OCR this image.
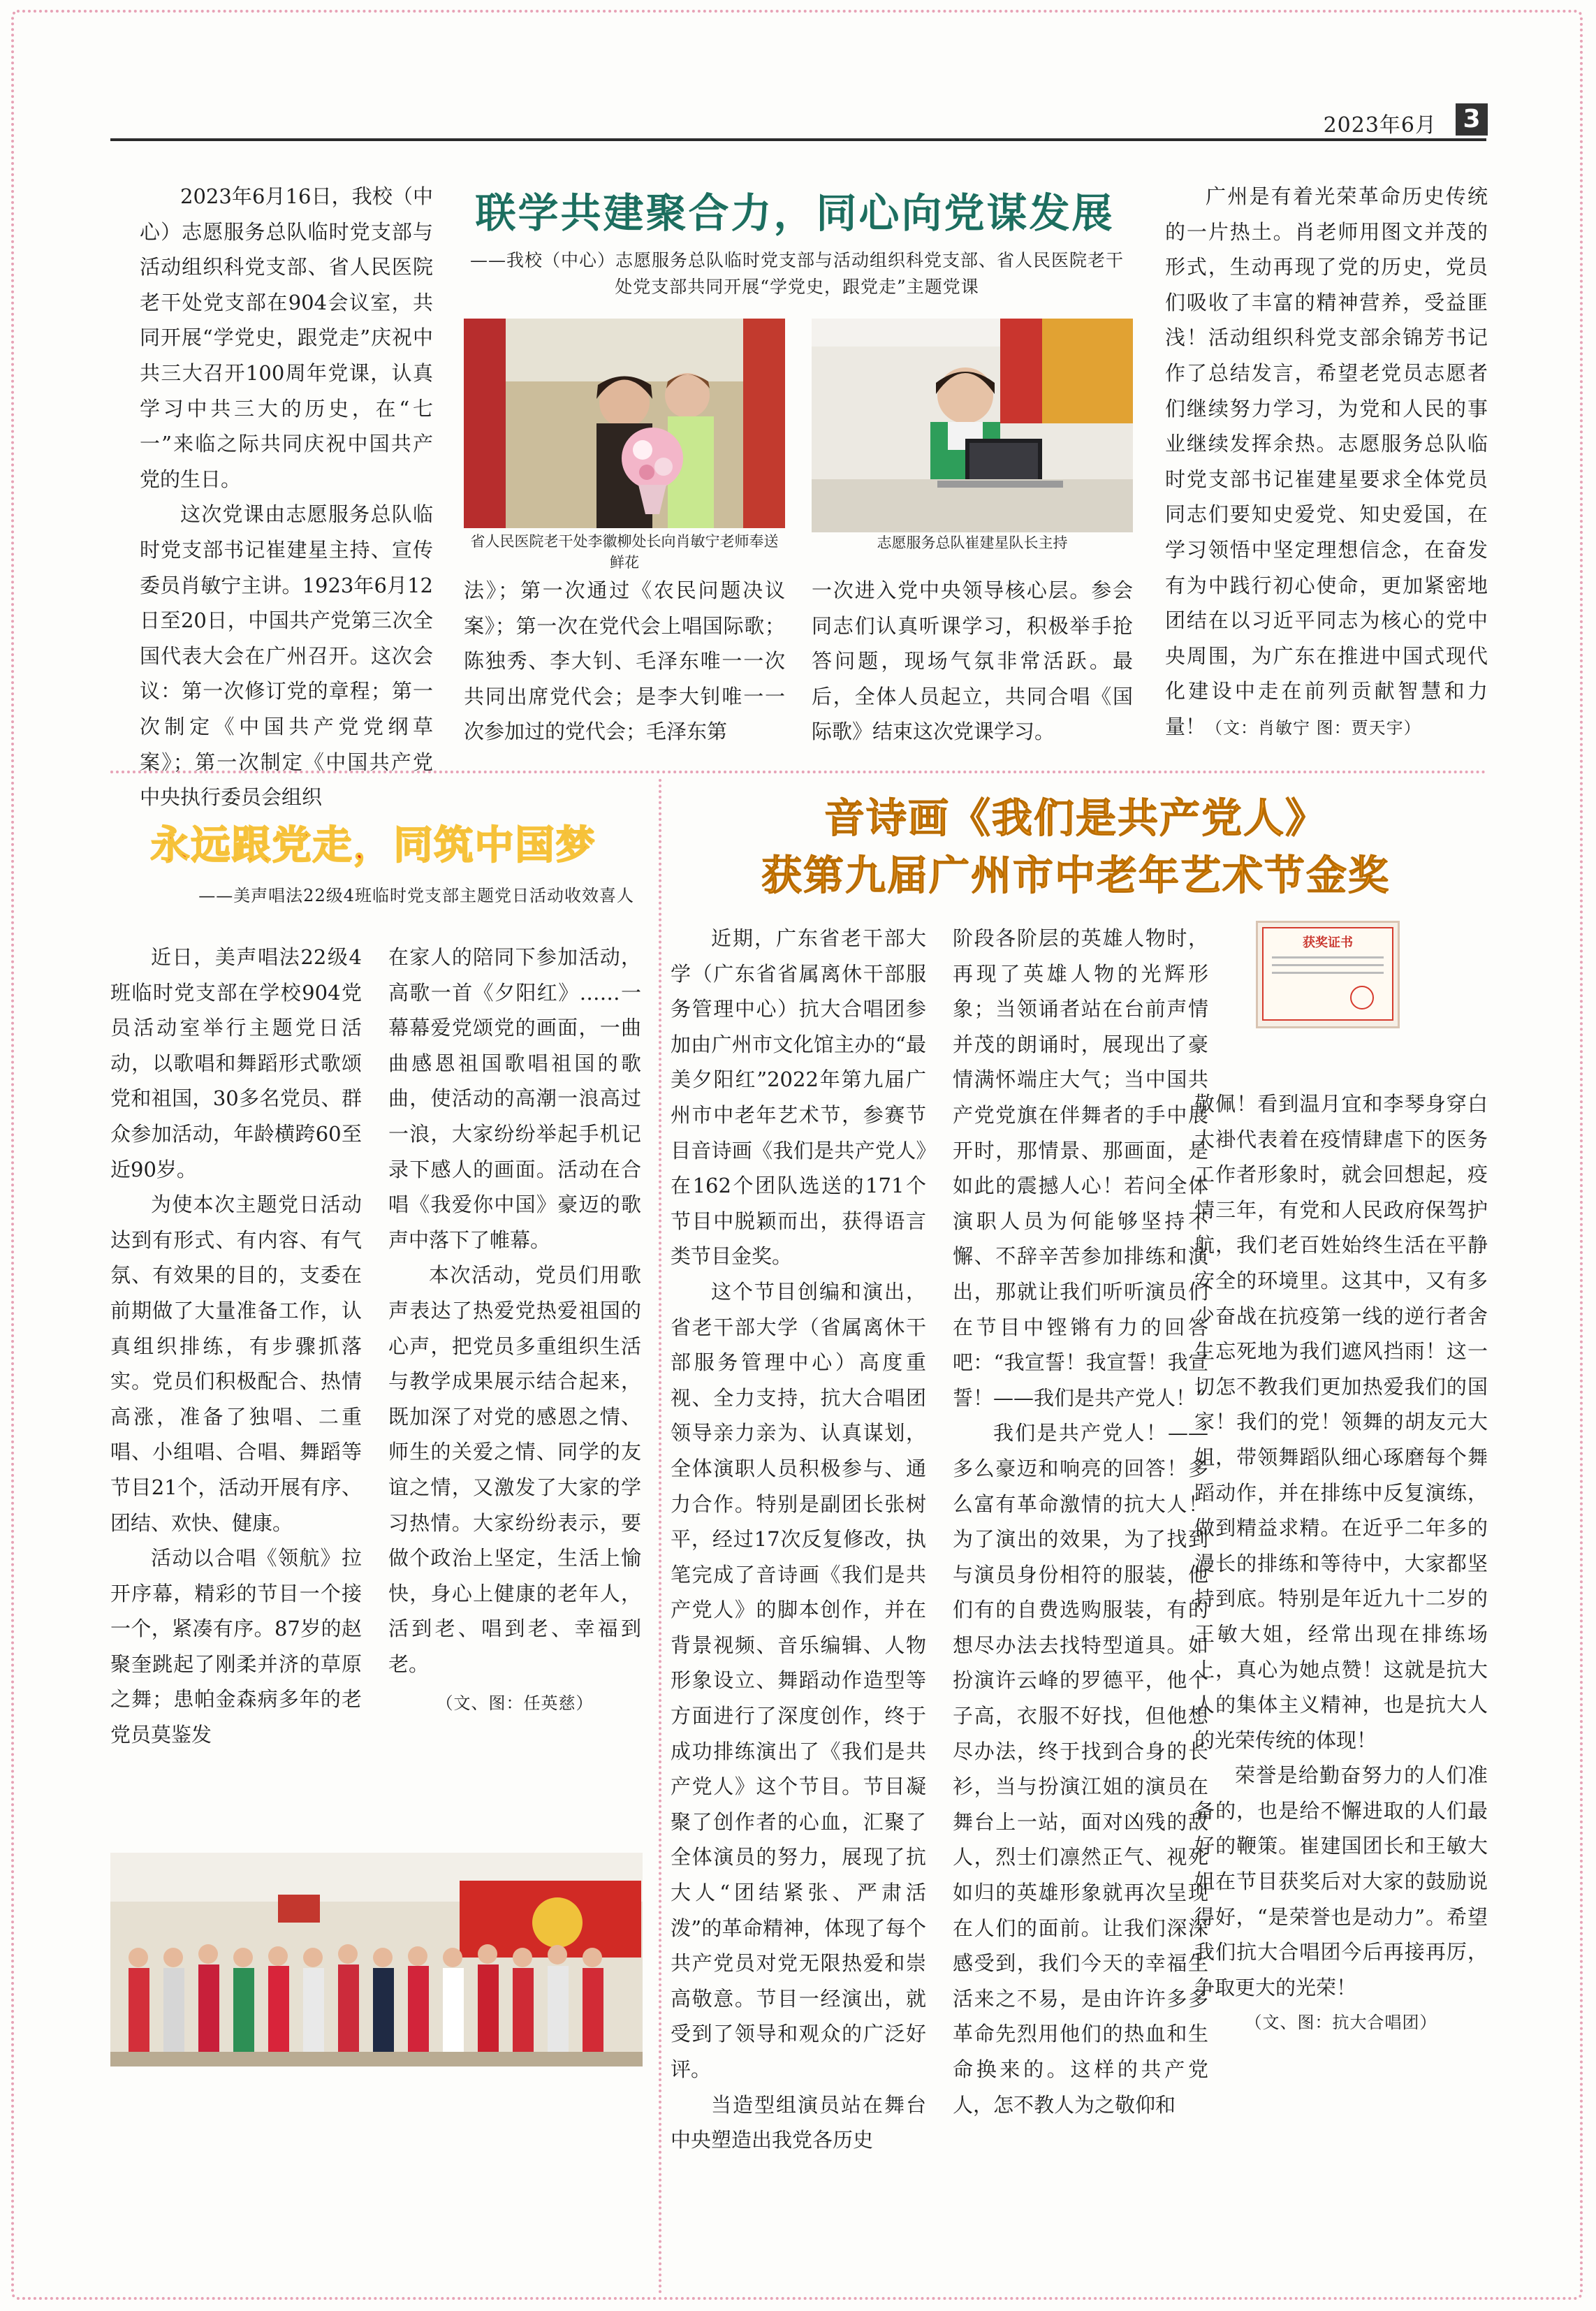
2023年6月 3

2023年6月16日，我校（中心）志愿服务总队临时党支部与活动组织科党支部、省人民医院老干处党支部在904会议室，共同开展“学党史，跟党走”庆祝中共三大召开100周年党课，认真学习中共三大的历史，在“七一”来临之际共同庆祝中国共产党的生日。

这次党课由志愿服务总队临时党支部书记崔建星主持、宣传委员肖敏宁主讲。1923年6月12日至20日，中国共产党第三次全国代表大会在广州召开。这次会议：第一次修订党的章程；第一次制定《中国共产党党纲草案》；第一次制定《中国共产党中央执行委员会组织

联学共建聚合力，同心向党谋发展
——我校（中心）志愿服务总队临时党支部与活动组织科党支部、省人民医院老干处党支部共同开展“学党史，跟党走”主题党课
省人民医院老干处李徽柳处长向肖敏宁老师奉送鲜花
志愿服务总队崔建星队长主持

法》；第一次通过《农民问题决议案》；第一次在党代会上唱国际歌；陈独秀、李大钊、毛泽东唯一一次共同出席党代会；是李大钊唯一一次参加过的党代会；毛泽东第

一次进入党中央领导核心层。参会同志们认真听课学习，积极举手抢答问题，现场气氛非常活跃。最后，全体人员起立，共同合唱《国际歌》结束这次党课学习。

广州是有着光荣革命历史传统的一片热土。肖老师用图文并茂的形式，生动再现了党的历史，党员们吸收了丰富的精神营养，受益匪浅！活动组织科党支部余锦芳书记作了总结发言，希望老党员志愿者们继续努力学习，为党和人民的事业继续发挥余热。志愿服务总队临时党支部书记崔建星要求全体党员同志们要知史爱党、知史爱国，在学习领悟中坚定理想信念，在奋发有为中践行初心使命，更加紧密地团结在以习近平同志为核心的党中央周围，为广东在推进中国式现代化建设中走在前列贡献智慧和力量！（文：肖敏宁 图：贾天宇）

永远跟党走，同筑中国梦
——美声唱法22级4班临时党支部主题党日活动收效喜人

近日，美声唱法22级4班临时党支部在学校904党员活动室举行主题党日活动，以歌唱和舞蹈形式歌颂党和祖国，30多名党员、群众参加活动，年龄横跨60至近90岁。

为使本次主题党日活动达到有形式、有内容、有气氛、有效果的目的，支委在前期做了大量准备工作，认真组织排练，有步骤抓落实。党员们积极配合、热情高涨，准备了独唱、二重唱、小组唱、合唱、舞蹈等节目21个，活动开展有序、团结、欢快、健康。

活动以合唱《领航》拉开序幕，精彩的节目一个接一个，紧凑有序。87岁的赵聚奎跳起了刚柔并济的草原之舞；患帕金森病多年的老党员莫鉴发

在家人的陪同下参加活动，高歌一首《夕阳红》……一幕幕爱党颂党的画面，一曲曲感恩祖国歌唱祖国的歌曲，使活动的高潮一浪高过一浪，大家纷纷举起手机记录下感人的画面。活动在合唱《我爱你中国》豪迈的歌声中落下了帷幕。

本次活动，党员们用歌声表达了热爱党热爱祖国的心声，把党员多重组织生活与教学成果展示结合起来，既加深了对党的感恩之情、师生的关爱之情、同学的友谊之情，又激发了大家的学习热情。大家纷纷表示，要做个政治上坚定，生活上愉快，身心上健康的老年人，活到老、唱到老、幸福到老。

（文、图：任英慈）

音诗画《我们是共产党人》
获第九届广州市中老年艺术节金奖
获奖证书

近期，广东省老干部大学（广东省省属离休干部服务管理中心）抗大合唱团参加由广州市文化馆主办的“最美夕阳红”2022年第九届广州市中老年艺术节，参赛节目音诗画《我们是共产党人》在162个团队选送的171个节目中脱颖而出，获得语言类节目金奖。

这个节目创编和演出，省老干部大学（省属离休干部服务管理中心）高度重视、全力支持，抗大合唱团领导亲力亲为、认真谋划，全体演职人员积极参与、通力合作。特别是副团长张树平，经过17次反复修改，执笔完成了音诗画《我们是共产党人》的脚本创作，并在背景视频、音乐编辑、人物形象设立、舞蹈动作造型等方面进行了深度创作，终于成功排练演出了《我们是共产党人》这个节目。节目凝聚了创作者的心血，汇聚了全体演员的努力，展现了抗大人“团结紧张、严肃活泼”的革命精神，体现了每个共产党员对党无限热爱和崇高敬意。节目一经演出，就受到了领导和观众的广泛好评。

当造型组演员站在舞台中央塑造出我党各历史

阶段各阶层的英雄人物时，再现了英雄人物的光辉形象；当领诵者站在台前声情并茂的朗诵时，展现出了豪情满怀端庄大气；当中国共产党党旗在伴舞者的手中展开时，那情景、那画面，是如此的震撼人心！若问全体演职人员为何能够坚持不懈、不辞辛苦参加排练和演出，那就让我们听听演员们在节目中铿锵有力的回答吧：“我宣誓！我宣誓！我宣誓！——我们是共产党人！”

我们是共产党人！——多么豪迈和响亮的回答！多么富有革命激情的抗大人！为了演出的效果，为了找到与演员身份相符的服装，他们有的自费选购服装，有的想尽办法去找特型道具。如扮演许云峰的罗德平，他个子高，衣服不好找，但他想尽办法，终于找到合身的长衫，当与扮演江姐的演员在舞台上一站，面对凶残的敌人，烈士们凛然正气、视死如归的英雄形象就再次呈现在人们的面前。让我们深深感受到，我们今天的幸福生活来之不易，是由许许多多革命先烈用他们的热血和生命换来的。这样的共产党人，怎不教人为之敬仰和

敬佩！看到温月宜和李琴身穿白大褂代表着在疫情肆虐下的医务工作者形象时，就会回想起，疫情三年，有党和人民政府保驾护航，我们老百姓始终生活在平静安全的环境里。这其中，又有多少奋战在抗疫第一线的逆行者舍生忘死地为我们遮风挡雨！这一切怎不教我们更加热爱我们的国家！我们的党！领舞的胡友元大姐，带领舞蹈队细心琢磨每个舞蹈动作，并在排练中反复演练，做到精益求精。在近乎二年多的漫长的排练和等待中，大家都坚持到底。特别是年近九十二岁的王敏大姐，经常出现在排练场上，真心为她点赞！这就是抗大人的集体主义精神，也是抗大人的光荣传统的体现！

荣誉是给勤奋努力的人们准备的，也是给不懈进取的人们最好的鞭策。崔建国团长和王敏大姐在节目获奖后对大家的鼓励说得好，“是荣誉也是动力”。希望我们抗大合唱团今后再接再厉，争取更大的光荣！

（文、图：抗大合唱团）
